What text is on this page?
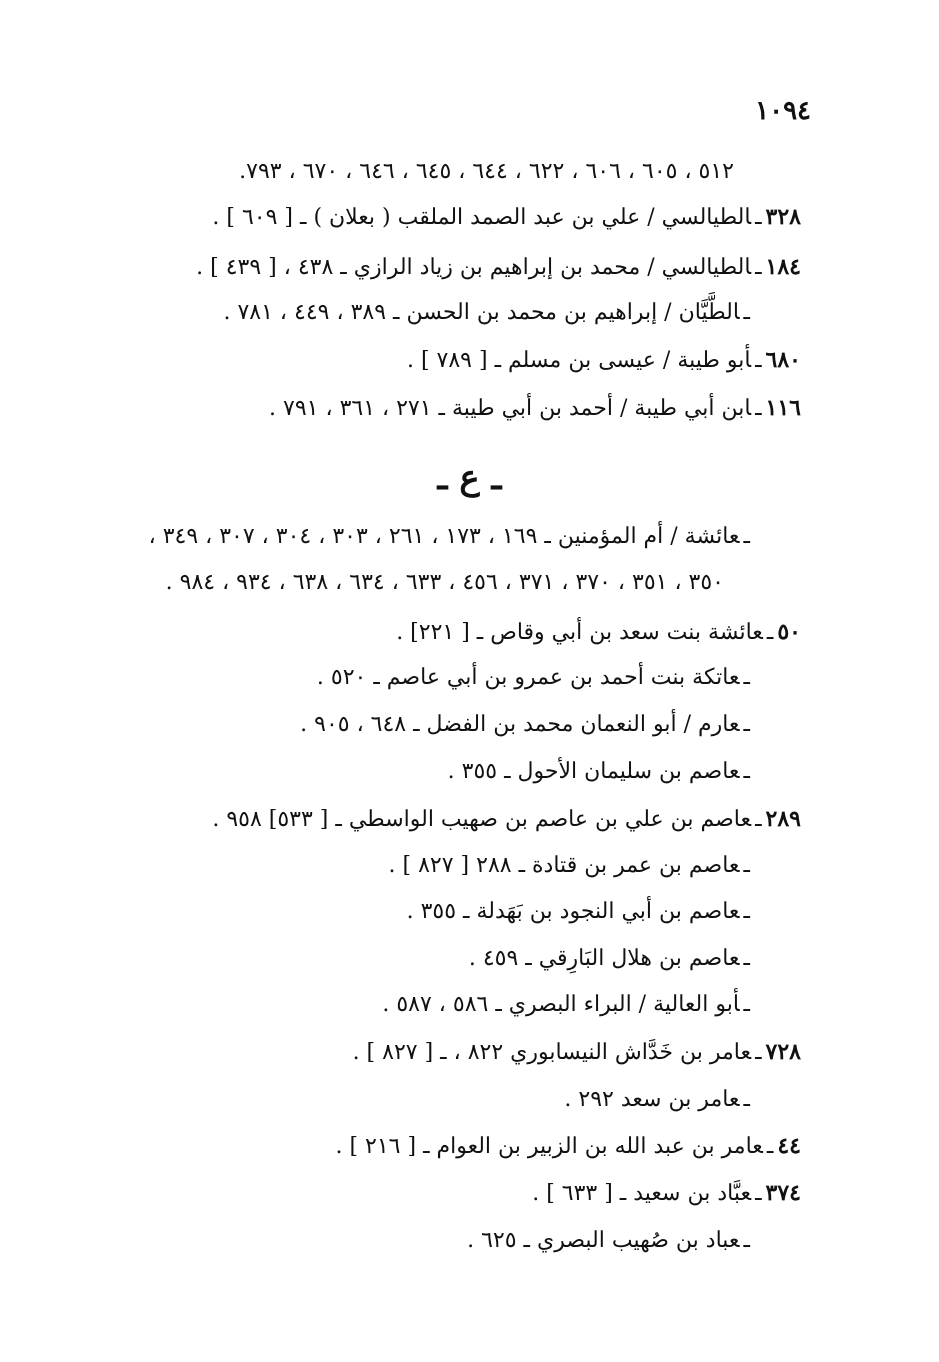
١٠٩٤
٥١٢ ، ٦٠٥ ، ٦٠٦ ، ٦٢٢ ، ٦٤٤ ، ٦٤٥ ، ٦٤٦ ، ٦٧٠ ، ٧٩٣.
٣٢٨ـالطيالسي / علي بن عبد الصمد الملقب ( بعلان ) ـ [ ٦٠٩ ] .
١٨٤ـالطيالسي / محمد بن إبراهيم بن زياد الرازي ـ ٤٣٨ ، [ ٤٣٩ ] .
ـالطَّيَّان / إبراهيم بن محمد بن الحسن ـ ٣٨٩ ، ٤٤٩ ، ٧٨١ .
٦٨٠ـأبو طيبة / عيسى بن مسلم ـ [ ٧٨٩ ] .
١١٦ـابن أبي طيبة / أحمد بن أبي طيبة ـ ٢٧١ ، ٣٦١ ، ٧٩١ .
ـ ع ـ
ـعائشة / أم المؤمنين ـ ١٦٩ ، ١٧٣ ، ٢٦١ ، ٣٠٣ ، ٣٠٤ ، ٣٠٧ ، ٣٤٩ ،
٣٥٠ ، ٣٥١ ، ٣٧٠ ، ٣٧١ ، ٤٥٦ ، ٦٣٣ ، ٦٣٤ ، ٦٣٨ ، ٩٣٤ ، ٩٨٤ .
٥٠ـعائشة بنت سعد بن أبي وقاص ـ [ ٢٢١] .
ـعاتكة بنت أحمد بن عمرو بن أبي عاصم ـ ٥٢٠ .
ـعارم / أبو النعمان محمد بن الفضل ـ ٦٤٨ ، ٩٠٥ .
ـعاصم بن سليمان الأحول ـ ٣٥٥ .
٢٨٩ـعاصم بن علي بن عاصم بن صهيب الواسطي ـ [ ٥٣٣] ٩٥٨ .
ـعاصم بن عمر بن قتادة ـ ٢٨٨ [ ٨٢٧ ] .
ـعاصم بن أبي النجود بن بَهَدلة ـ ٣٥٥ .
ـعاصم بن هلال البَارِقي ـ ٤٥٩ .
ـأبو العالية / البراء البصري ـ ٥٨٦ ، ٥٨٧ .
٧٢٨ـعامر بن خَدَّاش النيسابوري ٨٢٢ ، ـ [ ٨٢٧ ] .
ـعامر بن سعد ٢٩٢ .
٤٤ـعامر بن عبد الله بن الزبير بن العوام ـ [ ٢١٦ ] .
٣٧٤ـعبَّاد بن سعيد ـ [ ٦٣٣ ] .
ـعباد بن صُهيب البصري ـ ٦٢٥ .
